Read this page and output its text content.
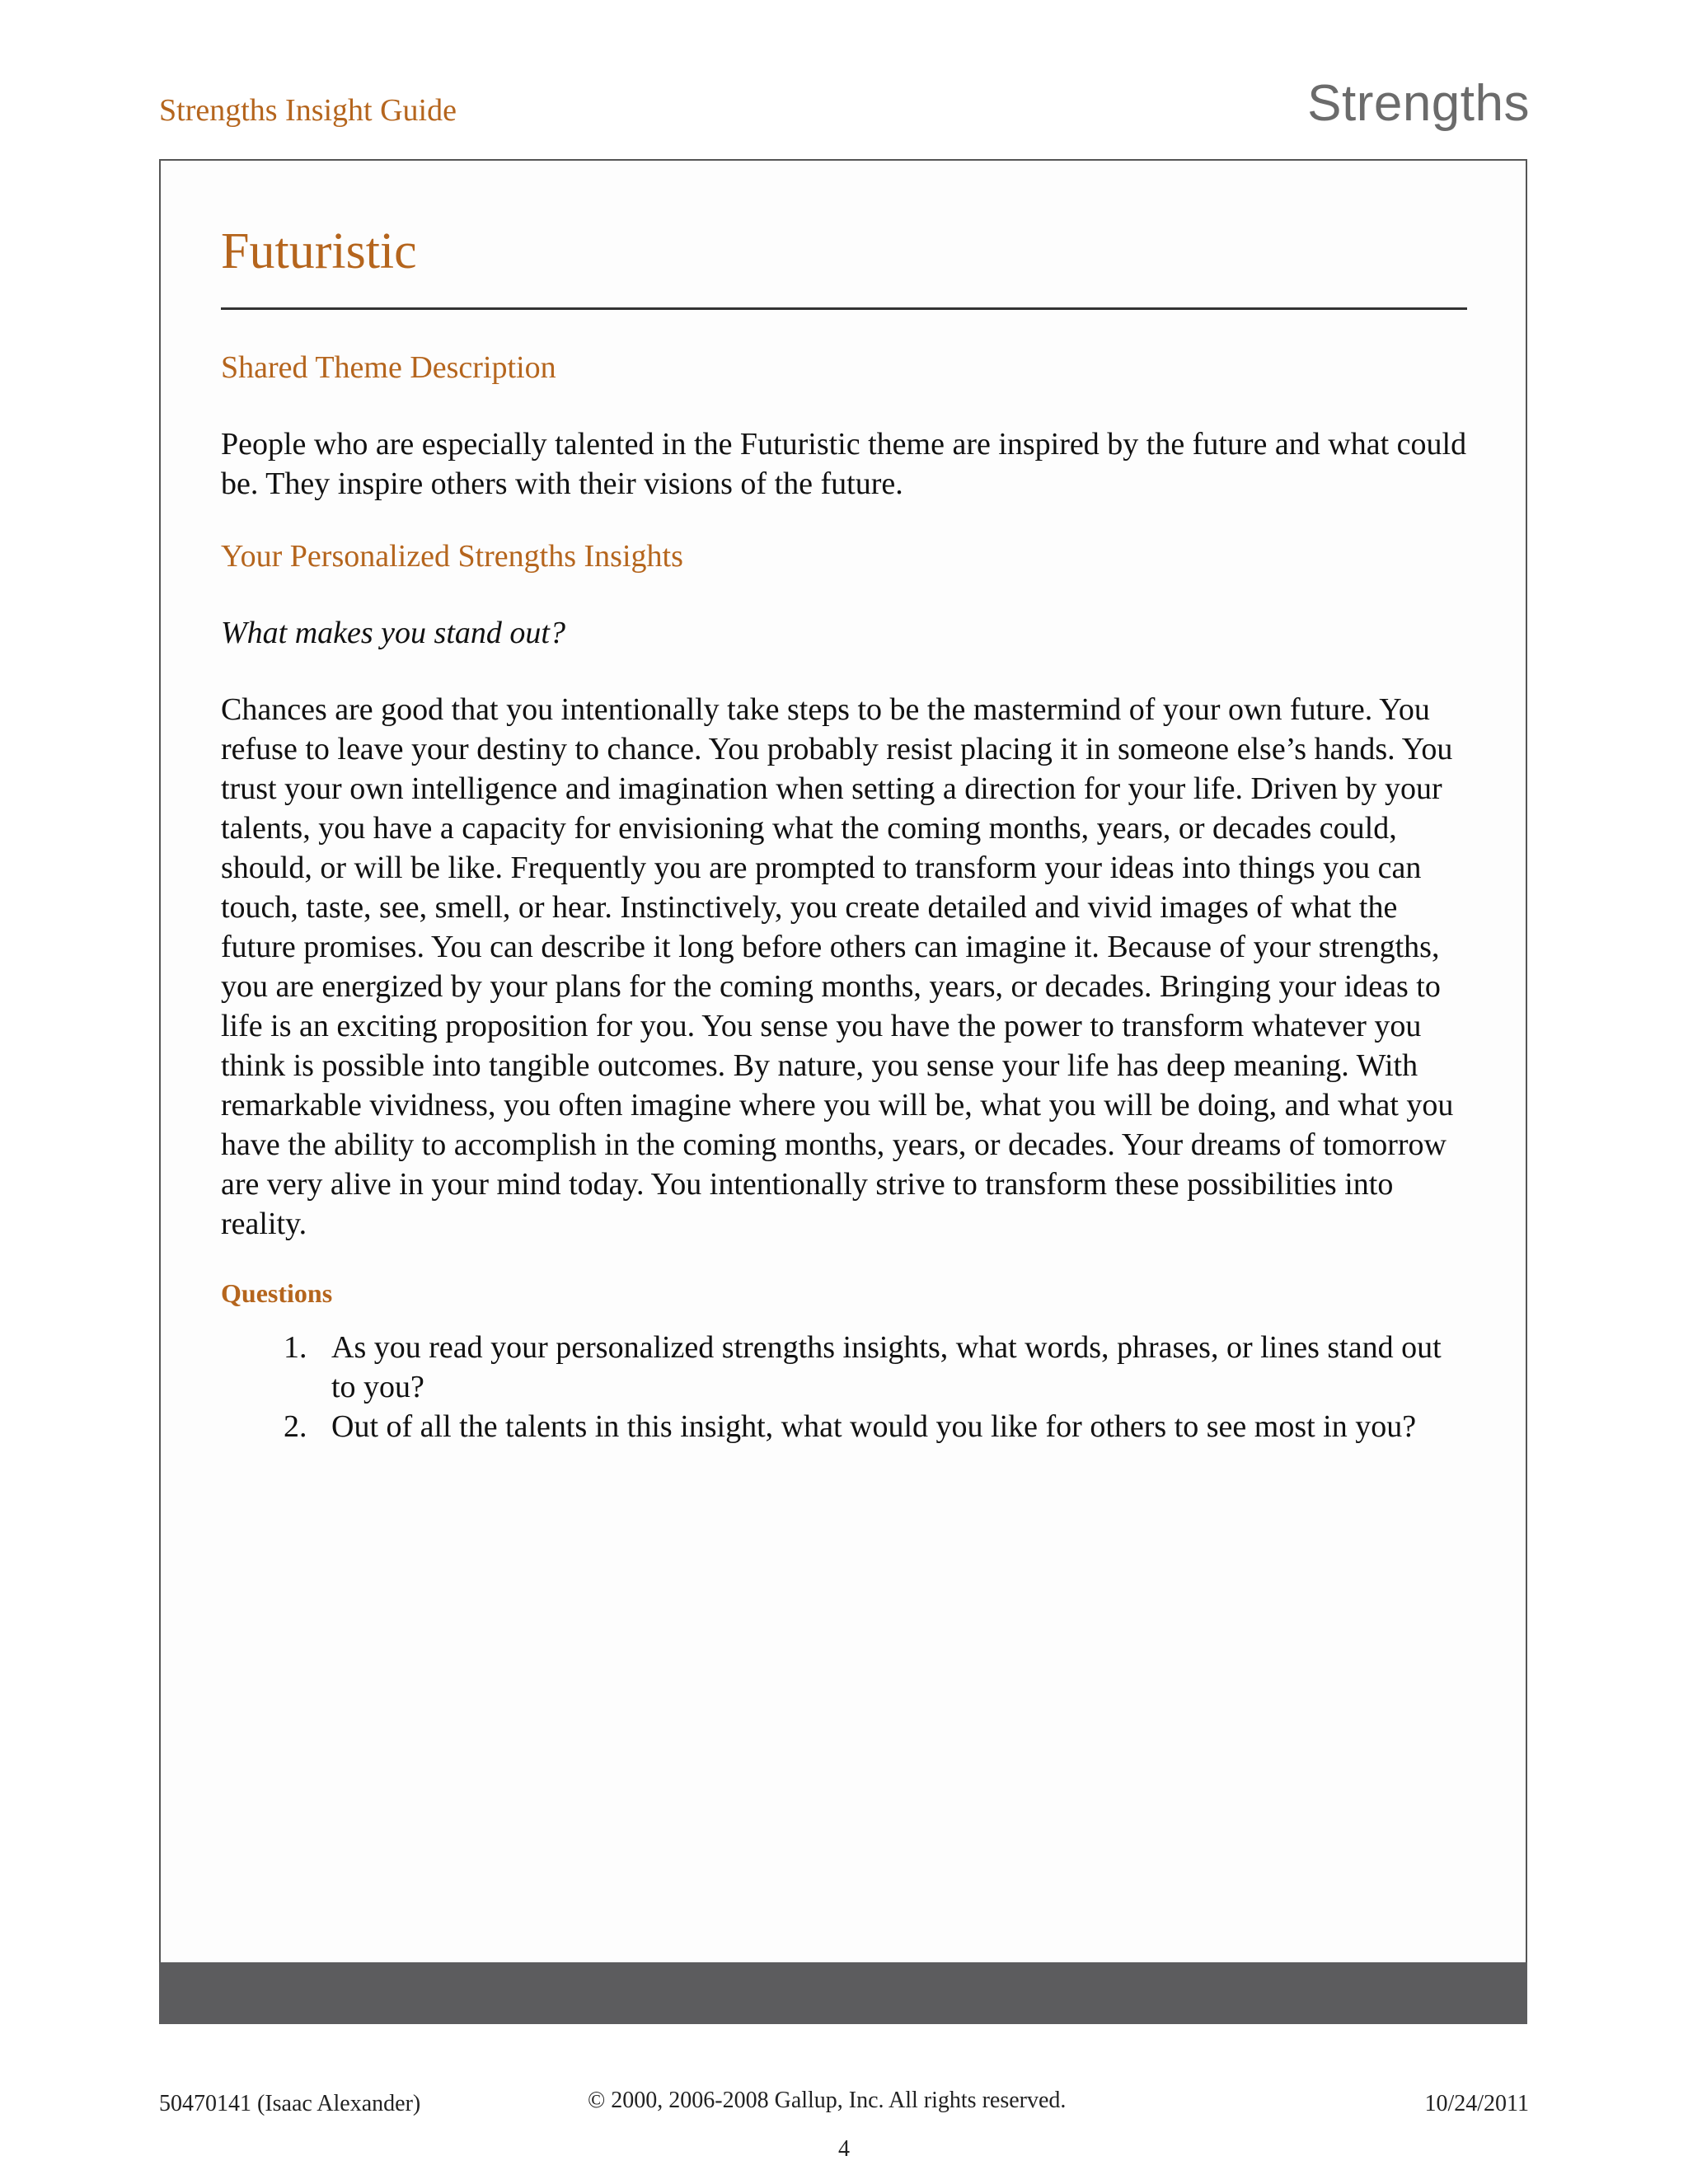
Strengths Insight Guide	Strengths
Futuristic
Shared Theme Description

People who are especially talented in the Futuristic theme are inspired by the future and what could be. They inspire others with their visions of the future.

Your Personalized Strengths Insights

What makes you stand out?

Chances are good that you intentionally take steps to be the mastermind of your own future. You refuse to leave your destiny to chance. You probably resist placing it in someone else’s hands. You trust your own intelligence and imagination when setting a direction for your life. Driven by your talents, you have a capacity for envisioning what the coming months, years, or decades could, should, or will be like. Frequently you are prompted to transform your ideas into things you can touch, taste, see, smell, or hear. Instinctively, you create detailed and vivid images of what the future promises. You can describe it long before others can imagine it. Because of your strengths, you are energized by your plans for the coming months, years, or decades. Bringing your ideas to life is an exciting proposition for you. You sense you have the power to transform whatever you think is possible into tangible outcomes. By nature, you sense your life has deep meaning. With remarkable vividness, you often imagine where you will be, what you will be doing, and what you have the ability to accomplish in the coming months, years, or decades. Your dreams of tomorrow are very alive in your mind today. You intentionally strive to transform these possibilities into reality.

Questions
1. As you read your personalized strengths insights, what words, phrases, or lines stand out to you?
2. Out of all the talents in this insight, what would you like for others to see most in you?
50470141 (Isaac Alexander)	© 2000, 2006-2008 Gallup, Inc. All rights reserved.	10/24/2011
4
